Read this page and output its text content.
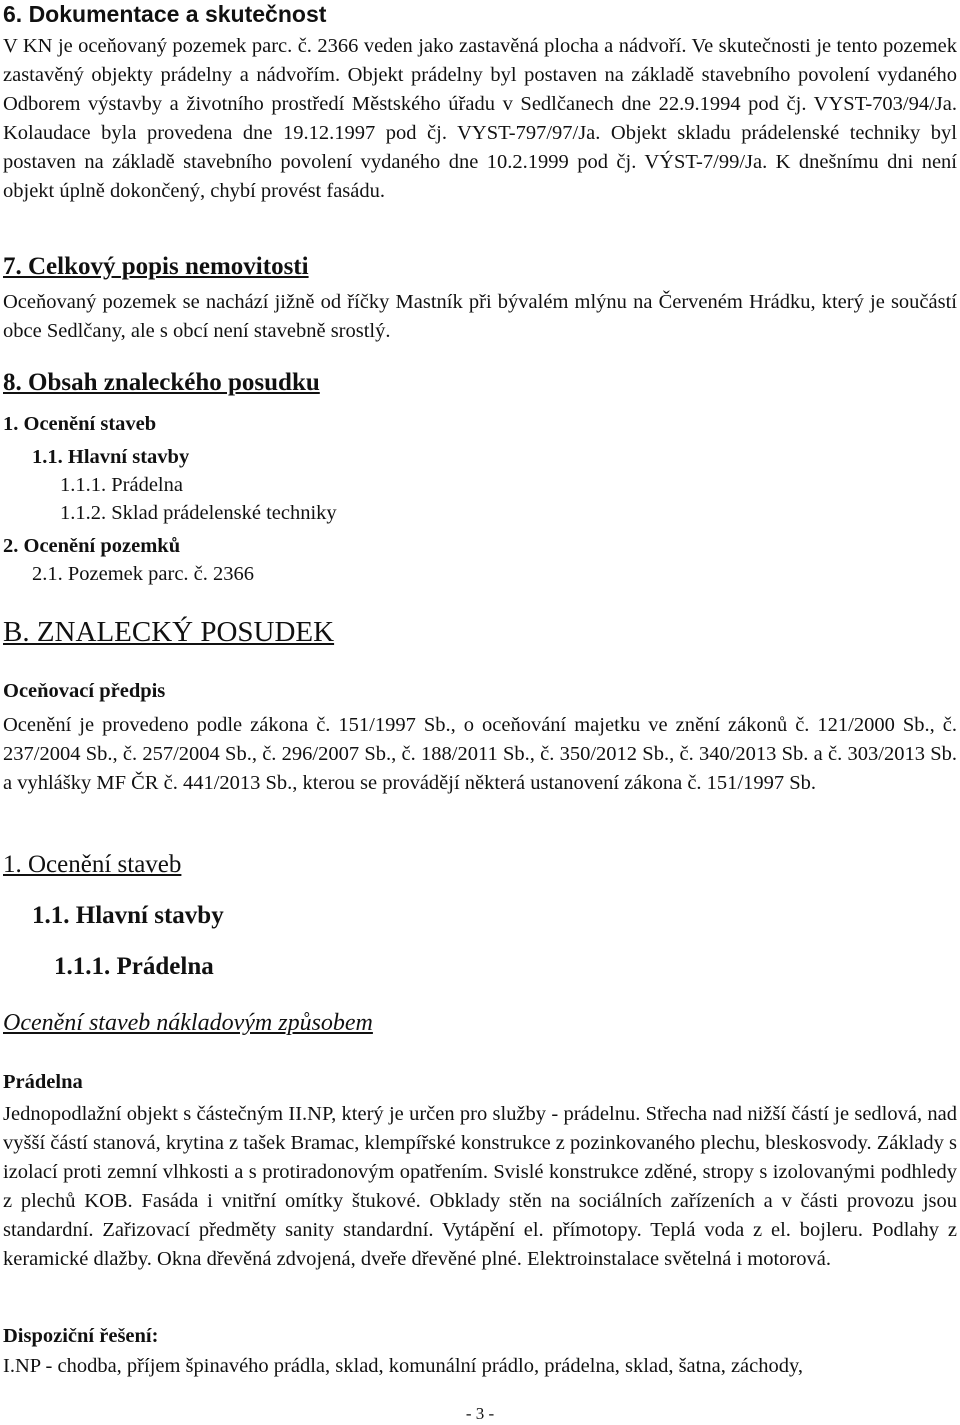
6. Dokumentace a skutečnost
V KN je oceňovaný pozemek parc. č. 2366 veden jako zastavěná plocha a nádvoří. Ve skutečnosti je tento pozemek zastavěný objekty prádelny a nádvořím. Objekt prádelny byl postaven na základě stavebního povolení vydaného Odborem výstavby a životního prostředí Městského úřadu v Sedlčanech dne 22.9.1994 pod čj. VYST-703/94/Ja. Kolaudace byla provedena dne 19.12.1997 pod čj. VYST-797/97/Ja. Objekt skladu prádelenské techniky byl postaven na základě stavebního povolení vydaného dne 10.2.1999 pod čj. VÝST-7/99/Ja. K dnešnímu dni není objekt úplně dokončený, chybí provést fasádu.
7. Celkový popis nemovitosti
Oceňovaný pozemek se nachází jižně od říčky Mastník při bývalém mlýnu na Červeném Hrádku, který je součástí obce Sedlčany, ale s obcí není stavebně srostlý.
8. Obsah znaleckého posudku
1. Ocenění staveb
1.1. Hlavní stavby
1.1.1. Prádelna
1.1.2. Sklad prádelenské techniky
2. Ocenění pozemků
2.1. Pozemek parc. č. 2366
B. ZNALECKÝ POSUDEK
Oceňovací předpis
Ocenění je provedeno podle zákona č. 151/1997 Sb., o oceňování majetku ve znění zákonů č. 121/2000 Sb., č. 237/2004 Sb., č. 257/2004 Sb., č. 296/2007 Sb., č. 188/2011 Sb., č. 350/2012 Sb., č. 340/2013 Sb. a č. 303/2013 Sb. a vyhlášky MF ČR č. 441/2013 Sb., kterou se provádějí některá ustanovení zákona č. 151/1997 Sb.
1. Ocenění staveb
1.1. Hlavní stavby
1.1.1. Prádelna
Ocenění staveb nákladovým způsobem
Prádelna
Jednopodlažní objekt s částečným II.NP, který je určen pro služby - prádelnu. Střecha nad nižší částí je sedlová, nad vyšší částí stanová, krytina z tašek Bramac, klempířské konstrukce z pozinkovaného plechu, bleskosvody. Základy s izolací proti zemní vlhkosti a s protiradonovým opatřením. Svislé konstrukce zděné, stropy s izolovanými podhledy z plechů KOB. Fasáda i vnitřní omítky štukové. Obklady stěn na sociálních zařízeních a v části provozu jsou standardní. Zařizovací předměty sanity standardní. Vytápění el. přímotopy. Teplá voda z el. bojleru. Podlahy z keramické dlažby. Okna dřevěná zdvojená, dveře dřevěné plné. Elektroinstalace světelná i motorová.
Dispoziční řešení:
I.NP - chodba, příjem špinavého prádla, sklad, komunální prádlo, prádelna, sklad, šatna, záchody,
- 3 -
